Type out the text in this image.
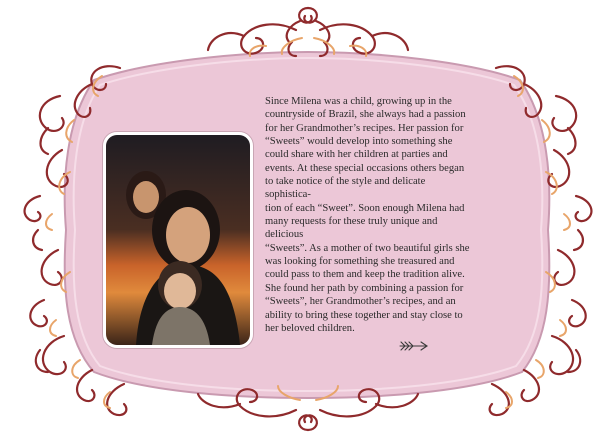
Since Milena was a child, growing up in the
countryside of Brazil, she always had a passion
for her Grandmother’s recipes. Her passion for
“Sweets” would develop into something she
could share with her children at parties and
events. At these special occasions others began
to take notice of the style and delicate sophistica-
tion of each “Sweet”. Soon enough Milena had
many requests for these truly unique and delicious
“Sweets”. As a mother of two beautiful girls she
was looking for something she treasured and
could pass to them and keep the tradition alive.
She found her path by combining a passion for
“Sweets”, her Grandmother’s recipes, and an
ability to bring these together and stay close to
her beloved children.
